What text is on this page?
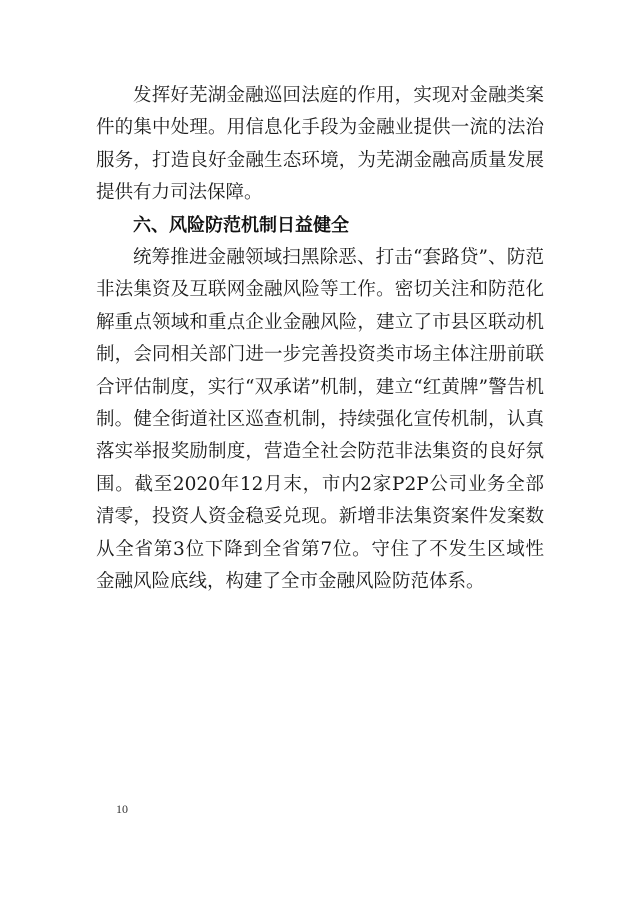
发挥好芜湖金融巡回法庭的作用，实现对金融类案件的集中处理。用信息化手段为金融业提供一流的法治服务，打造良好金融生态环境，为芜湖金融高质量发展提供有力司法保障。

六、风险防范机制日益健全

统筹推进金融领域扫黑除恶、打击“套路贷”、防范非法集资及互联网金融风险等工作。密切关注和防范化解重点领域和重点企业金融风险，建立了市县区联动机制，会同相关部门进一步完善投资类市场主体注册前联合评估制度，实行“双承诺”机制，建立“红黄牌”警告机制。健全街道社区巡查机制，持续强化宣传机制，认真落实举报奖励制度，营造全社会防范非法集资的良好氛围。截至2020年12月末，市内2家P2P公司业务全部清零，投资人资金稳妥兑现。新增非法集资案件发案数从全省第3位下降到全省第7位。守住了不发生区域性金融风险底线，构建了全市金融风险防范体系。

10
